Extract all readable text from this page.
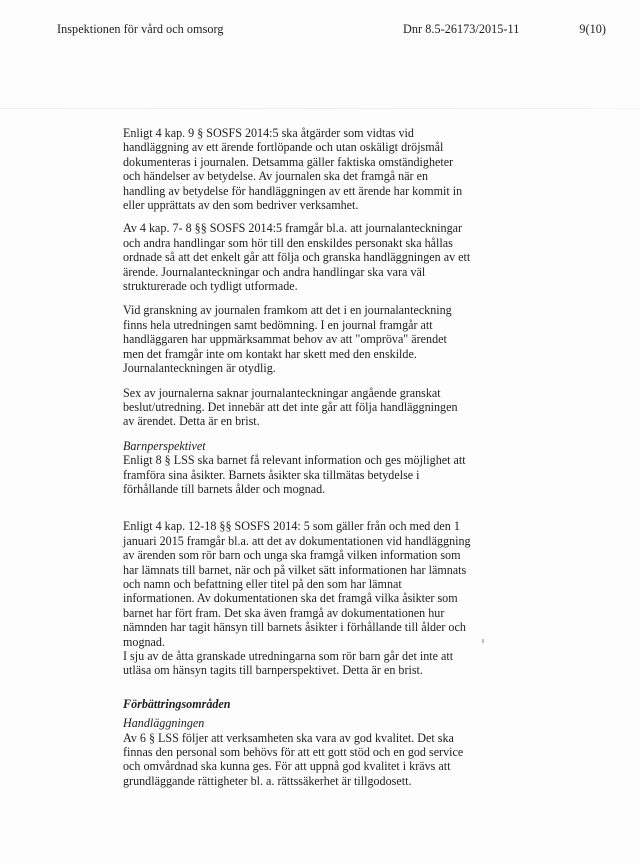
Inspektionen för vård och omsorg	Dnr 8.5-26173/2015-11	9(10)

Enligt 4 kap. 9 § SOSFS 2014:5 ska åtgärder som vidtas vid
handläggning av ett ärende fortlöpande och utan oskäligt dröjsmål
dokumenteras i journalen. Detsamma gäller faktiska omständigheter
och händelser av betydelse. Av journalen ska det framgå när en
handling av betydelse för handläggningen av ett ärende har kommit in
eller upprättats av den som bedriver verksamhet.

Av 4 kap. 7- 8 §§ SOSFS 2014:5 framgår bl.a. att journalanteckningar
och andra handlingar som hör till den enskildes personakt ska hållas
ordnade så att det enkelt går att följa och granska handläggningen av ett
ärende. Journalanteckningar och andra handlingar ska vara väl
strukturerade och tydligt utformade.

Vid granskning av journalen framkom att det i en journalanteckning
finns hela utredningen samt bedömning. I en journal framgår att
handläggaren har uppmärksammat behov av att "ompröva" ärendet
men det framgår inte om kontakt har skett med den enskilde.
Journalanteckningen är otydlig.

Sex av journalerna saknar journalanteckningar angående granskat
beslut/utredning. Det innebär att det inte går att följa handläggningen
av ärendet. Detta är en brist.

Barnperspektivet
Enligt 8 § LSS ska barnet få relevant information och ges möjlighet att
framföra sina åsikter. Barnets åsikter ska tillmätas betydelse i
förhållande till barnets ålder och mognad.

Enligt 4 kap. 12-18 §§ SOSFS 2014: 5 som gäller från och med den 1
januari 2015 framgår bl.a. att det av dokumentationen vid handläggning
av ärenden som rör barn och unga ska framgå vilken information som
har lämnats till barnet, när och på vilket sätt informationen har lämnats
och namn och befattning eller titel på den som har lämnat
informationen. Av dokumentationen ska det framgå vilka åsikter som
barnet har fört fram. Det ska även framgå av dokumentationen hur
nämnden har tagit hänsyn till barnets åsikter i förhållande till ålder och
mognad.
I sju av de åtta granskade utredningarna som rör barn går det inte att
utläsa om hänsyn tagits till barnperspektivet. Detta är en brist.

Förbättringsområden
Handläggningen
Av 6 § LSS följer att verksamheten ska vara av god kvalitet. Det ska
finnas den personal som behövs för att ett gott stöd och en god service
och omvårdnad ska kunna ges. För att uppnå god kvalitet i krävs att
grundläggande rättigheter bl. a. rättssäkerhet är tillgodosett.
